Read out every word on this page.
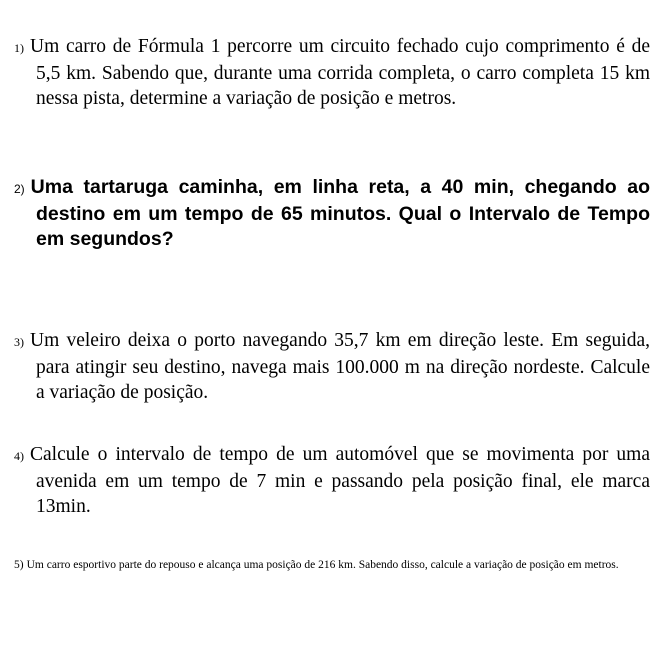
1) Um carro de Fórmula 1 percorre um circuito fechado cujo comprimento é de 5,5 km. Sabendo que, durante uma corrida completa, o carro completa 15 km nessa pista, determine a variação de posição e metros.
2) Uma tartaruga caminha, em linha reta, a 40 min, chegando ao destino em um tempo de 65 minutos. Qual o Intervalo de Tempo em segundos?
3) Um veleiro deixa o porto navegando 35,7 km em direção leste. Em seguida, para atingir seu destino, navega mais 100.000 m na direção nordeste. Calcule a variação de posição.
4) Calcule o intervalo de tempo de um automóvel que se movimenta por uma avenida em um tempo de 7 min e passando pela posição final, ele marca 13min.
5) Um carro esportivo parte do repouso e alcança uma posição de 216 km. Sabendo disso, calcule a variação de posição em metros.
